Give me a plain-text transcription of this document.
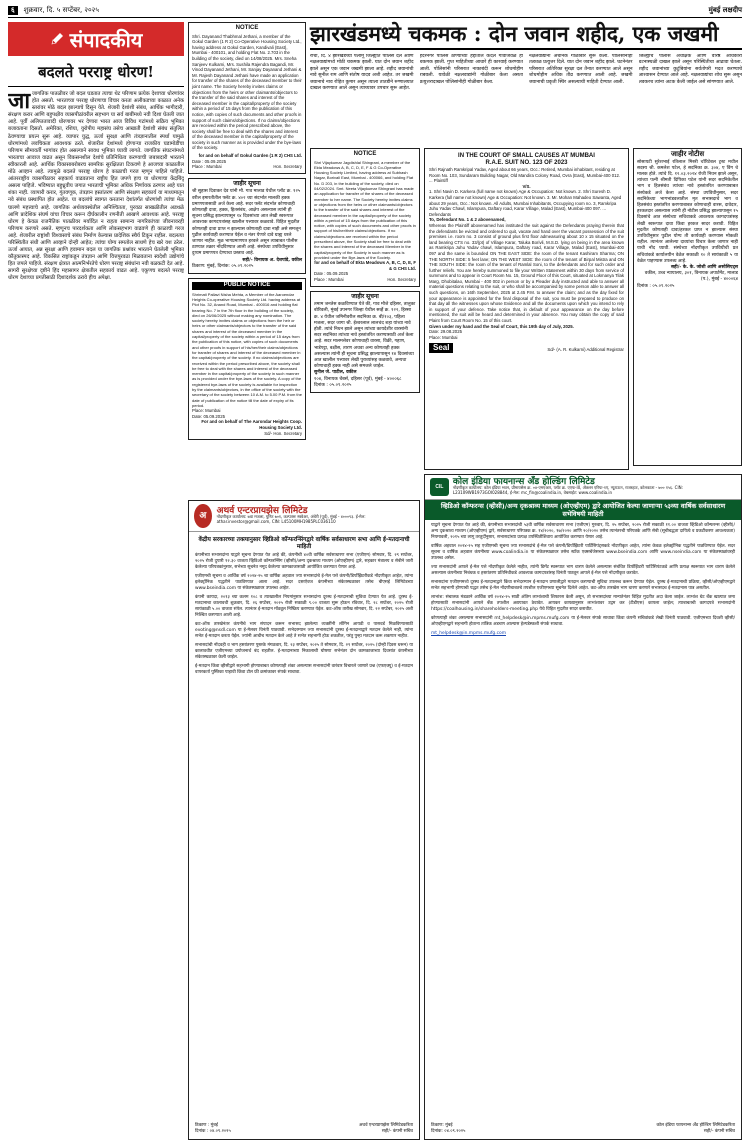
६	शुक्रवार, दि. ५ सप्टेंबर, २०२५	मुंबई लक्षदीप
संपादकीय
बदलते परराष्ट्र धोरण!
जाजागतिक पातळीवर जो बदल घडतात त्याचा थेट परिणाम प्रत्येक देशाच्या धोरणांवर होत असतो. भारताच्या परराष्ट्र धोरणाचा विचार करता अलीकडच्या काळात अनेक स्तरांवर मोठे बदल झाल्याचे दिसून येते. शेजारी देशांशी संबंध, आर्थिक भागीदारी, संरक्षण करार आणि बहुपक्षीय व्यासपीठांवरील सहभाग या सर्व बाबींमध्ये नवी दिशा घेतली जात आहे. पूर्वी अलिप्ततावादी धोरणावर भर देणारा भारत आज विविध गटांमध्ये सक्रिय भूमिका बजावताना दिसतो. अमेरिका, रशिया, युरोपीय महासंघ तसेच आखाती देशांशी संबंध संतुलित ठेवण्याचा प्रयत्न सुरू आहे. व्यापार युद्ध, ऊर्जा सुरक्षा आणि तंत्रज्ञानातील स्पर्धा यामुळे धोरणांमध्ये लवचिकता आवश्यक ठरते. शेजारील देशांमध्ये होणाऱ्या राजकीय घडामोडींचा परिणाम सीमावर्ती भागांवर होत असल्याने सावध भूमिका घ्यावी लागते. जागतिक संघटनांमध्ये भारताचा आवाज वाढत असून विकसनशील देशांचे प्रतिनिधित्व करण्याची जबाबदारी भारताने स्वीकारली आहे. आर्थिक विकासाबरोबरच सामरिक सुरक्षितता टिकवणे हे आजच्या काळातील मोठे आव्हान आहे. त्यामुळे बदलते परराष्ट्र धोरण हे काळाची गरज म्हणून पाहिले पाहिजे. आंतरराष्ट्रीय व्यासपीठावर सहकार्य वाढवताना राष्ट्रीय हित जपणे हाच या धोरणाचा केंद्रबिंदू असला पाहिजे. भविष्यात बहुध्रुवीय जगात भारताची भूमिका अधिक निर्णायक ठरणार आहे यात शंका नाही. व्यापारी करार, गुंतवणूक, तंत्रज्ञान हस्तांतरण आणि संरक्षण सहकार्य या माध्यमातून नवे संबंध प्रस्थापित होत आहेत. या बदलांचे स्वागत करताना देशांतर्गत धोरणांशी त्यांचा मेळ घालणे महत्त्वाचे आहे. जागतिक अर्थव्यवस्थेतील अनिश्चितता, पुरवठा साखळीतील अडथळे आणि प्रादेशिक संघर्ष यांचा विचार करून दीर्घकालीन रणनीती आखणे आवश्यक आहे. परराष्ट्र धोरण हे केवळ राजनैतिक पातळीवर मर्यादित न राहता सामान्य नागरिकांच्या जीवनावरही परिणाम करणारे असते. म्हणूनच पारदर्शकता आणि लोकसहभाग वाढवणे ही काळाची गरज आहे. शेजारील राष्ट्रांशी विश्वासाचे संबंध निर्माण केल्यास प्रादेशिक स्थैर्य टिकून राहील. बदलत्या परिस्थितीत संधी आणि आव्हाने दोन्ही आहेत; त्यांचा योग्य समतोल साधणे हेच खरे यश ठरेल. ऊर्जा आयात, अन्न सुरक्षा आणि हवामान बदल या जागतिक प्रश्नांवर भारताने घेतलेली भूमिका कौतुकास्पद आहे. विकसित राष्ट्रांकडून तंत्रज्ञान आणि वित्तपुरवठा मिळवताना स्वदेशी उद्योगांचे हित जपले पाहिजे. संरक्षण क्षेत्रात आत्मनिर्भरतेचे धोरण परराष्ट्र संबंधांना नवी बळकटी देत आहे. सागरी सुरक्षेच्या दृष्टीने हिंद महासागर क्षेत्रातील सहकार्य वाढत आहे. एकूणच बदलते परराष्ट्र धोरण देशाच्या प्रगतीसाठी दिशादर्शक ठरावे हीच अपेक्षा.
NOTICE

Shri. Dayanand Thabhmal Jethani, a member of the Gokul Garden (1 R 2) Co-Operative Housing Society Ltd., having address at Gokul Garden, Kandivali (East), Mumbai - 400101, and holding Flat No. 2.703 in the building of the society, died on 14/08/2025. Mrs. Sneha Sanjeev Kulkarni, Mrs. Sushila Rajendra Bagandi, Mr. Vinod Dayanand Jethani, Mr. Sanjay Dayanand Jethani & Mr. Rajesh Dayanand Jethani have made an application for transfer of the shares of the deceased member to their joint name. The Society hereby invites claims or objections from the heirs or other claimants/objectors to the transfer of the said shares and interest of the deceased member in the capital/property of the society within a period of 15 days from the publication of this notice, with copies of such documents and other proofs in support of such claims/objections. If no claims/objections are received within the period prescribed above, the society shall be free to deal with the shares and interest of the deceased member in the capital/property of the society in such manner as is provided under the bye-laws of the society.

for and on behalf of Gokul Garden (1 R 2) CHS Ltd.

Date : 05.09.2025

Place : Mumbai	Hon. Secretary

जाहीर सूचना

श्री सुहास दिवाकर देव यांनी मौ. गाव मालाड येथील प्लॉट क्र. १२५ वरील इमारतीतील फ्लॅट क्र. ४०२ च्या संदर्भात मालकी हक्क प्रमाणपत्रासाठी अर्ज केला आहे. सदर फ्लॅट संदर्भात कोणाचाही कोणताही दावा, हक्क, हितसंबंध, आक्षेप असल्यास त्यांनी ही सूचना प्रसिद्ध झाल्यापासून १४ दिवसांच्या आत लेखी स्वरूपात आवश्यक कागदपत्रांसह खालील पत्त्यावर कळवावे. विहित मुदतीत कोणताही दावा प्राप्त न झाल्यास कोणताही दावा नाही असे समजून पुढील कार्यवाही करण्यात येईल व नंतर येणारे दावे ग्राह्य धरले जाणार नाहीत. मूळ भागप्रमाणपत्र हरवले असून त्याबाबत पोलीस ठाण्यात तक्रार नोंदविण्यात आली आहे. संस्थेच्या उपविधीनुसार दुय्यम प्रमाणपत्र देण्याचा प्रस्ताव आहे.

सही/- विनायक अ. देशपांडे, वकील

ठिकाण: मुंबई, दिनांक: ०५.०९.२०२५

PUBLIC NOTICE

Shrimati Pallavi Nisha Mehta, a Member of the Aaroendar Heights Co-operative Housing Society Ltd. having address at Plot No. 32, Anand Road, Mumbai - 400016 and holding flat bearing No. 7 in the 7th floor in the building of the society, died on 26/06/2025 without making any nomination. The society hereby invites claims or objections from the heir or heirs or other claimants/objectors to the transfer of the said shares and interest of the deceased member in the capital/property of the society within a period of 15 days from the publication of this notice, with copies of such documents and other proofs in support of his/her/their claims/objections for transfer of shares and interest of the deceased member in the capital/property of the society. If no claims/objections are received within the period prescribed above, the society shall be free to deal with the shares and interest of the deceased member in the capital/property of the society in such manner as is provided under the bye-laws of the society. A copy of the registered bye-laws of the society is available for inspection by the claimants/objectors, in the office of the society with the secretary of the society between 10 A.M. to 5.00 P.M. from the date of publication of the notice till the date of expiry of its period.

Place: Mumbai

Date: 05.09.2025

For and on behalf of The Aarondar Heights Coop. Housing Society Ltd.

Sd/- Hon. Secretary

झारखंडमध्ये चकमक : दोन जवान शहीद, एक जखमी
रांची, दि. ४ झारखंडच्या पलामू जिल्ह्यात पोलिस दल आणि नक्षलवाद्यांमध्ये मोठी चकमक झाली. यात दोन जवान शहीद झाले असून एक जवान जखमी झाला आहे. शहीद जवानांची नावे सुनील राम आणि संतोष यादव अशी आहेत. तर जखमी जवानाचे नाव रोहित कुमार असून त्याला तातडीने रुग्णालयात दाखल करण्यात आले असून त्याच्यावर उपचार सुरू आहेत.
हैदरनगर पोलिस ठाण्याच्या हद्दीतील केदल गावाजवळ ही चकमक झाली. गुप्त माहितीच्या आधारे ही कारवाई करण्यात आली. पोलिसांनी परिसरात नाकाबंदी करून शोधमोहीम राबवली. यावेळी नक्षलवाद्यांनी गोळीबार केला असता प्रत्युत्तरादाखल पोलिसांनीही गोळीबार केला.
नक्षलवाद्यांनी अचानक गोळीबार सुरू केला. पोलिसांनीही तत्काळ प्रत्युत्तर दिले. यात दोन जवान शहीद झाले. घटनेनंतर परिसरात अतिरिक्त सुरक्षा दल तैनात करण्यात आले असून शोधमोहीम अधिक तीव्र करण्यात आली आहे. जखमी जवानाची प्रकृती स्थिर असल्याची माहिती देण्यात आली.
जिल्ह्याचे पोलीस अधीक्षक आणि वरिष्ठ अधिकारी घटनास्थळी दाखल झाले असून परिस्थितीचा आढावा घेतला. शहीद जवानांच्या कुटुंबियांना सर्वतोपरी मदत करण्याचे आश्वासन देण्यात आले आहे. नक्षलवाद्यांचा शोध सुरू असून लवकरच त्यांना अटक केली जाईल असे सांगण्यात आले.
NOTICE

Shri Vijaykumar Jagdishlal Shingrani, a member of the Ekta Meadows A, B, C, D, E, F & G Co-Operative Housing Society Limited, having address at Subhash Nagar, Borivali East, Mumbai - 400066, and holding Flat No. D 203, in the building of the society, died on 04/02/2024. Smt. Neeta Vijaykumar Shingrani has made an application for transfer of the shares of the deceased member to her name. The Society hereby invites claims or objections from the heirs or other claimants/objectors to the transfer of the said shares and interest of the deceased member in the capital/property of the society within a period of 15 days from the publication of this notice, with copies of such documents and other proofs in support of his/her/their claims/objections. If no claims/objections are received within the period prescribed above, the Society shall be free to deal with the shares and interest of the deceased Member in the capital/property of the Society in such manner as is provided under the Bye-laws of the Society.

for and on behalf of Ekta Meadows A, B, C, D, E, F & G CHS Ltd.

Date : 05.09.2025

Place : Mumbai	Hon. Secretary

जाहीर सूचना

तमाम जनतेस कळविण्यात येते की, गाव मौजे दहिसर, तालुका बोरिवली, मुंबई उपनगर जिल्हा येथील सर्व्हे क्र. १२२, हिस्सा क्र. ४ येथील जमिनीवरील सदनिका क्र. बी/१०३, पहिला मजला, सदर जागा श्री. ईश्वरलाल लालचंद शहा यांच्या नावे होती. त्यांचे निधन झाले असून त्यांच्या कायदेशीर वारसांनी सदर सदनिका त्यांच्या नावे हस्तांतरित करण्यासाठी अर्ज केला आहे. सदर मालमत्तेवर कोणाचाही वारसा, विक्री, गहाण, भाडेपट्टा, बक्षीस, तारण अथवा अन्य कोणताही हक्क असल्यास त्यांनी ही सूचना प्रसिद्ध झाल्यापासून १४ दिवसांच्या आत खालील पत्त्यावर लेखी पुराव्यांसह कळवावे, अन्यथा कोणाचाही हक्क नाही असे समजले जाईल.

सुनील जे. पाटील, वकील

१०४, विनायक चेंबर्स, दहिसर (पूर्व), मुंबई - ४०००६८

दिनांक : ०५.०९.२०२५

IN THE COURT OF SMALL CAUSES AT MUMBAI
R.A.E. SUIT NO. 123 OF 2023

Shri Rajnath Ramkripal Yadav, Aged about 66 years, Occ.: Retired, Mumbai inhabitant, residing at Room No. 103, Sundaram Building Nagar, Old Mandira Colony Road, Ovra (East), Mumbai-400 012. ... Plaintiff

V/S.

1. Shri Navin D. Karkera (full name not known) Age & Occupation: Not known. 2. Shri Suresh D. Karkera (full name not known) Age & Occupation: Not known. 3. Mr. Mohan Mahadeo Sawanta, Aged about 29 years, Occ.: Not known. All Adults, Mumbai Inhabitants, Occupying room no. 3, Ramkripa Juhu Yadav Chawl, Islampura, Daftary road, Karar Village, Malad (East), Mumbai-400 097. ... Defendants

To, Defendant No. 1 & 2 abovenamed,

Whereas the Plaintiff abovenamed has instituted the suit against the Defendants praying therein that the defendants be evicted and ordered to quit, vacate and hand over the vacant possession of the suit premises i.e. room no. 3 consist of ground plus first floor admeasuring about 10 x 15 situated on the land bearing CTS no. 33/(pt) of Village Karar, Taluka Borivli, M.S.D. lying on being in the area known as Ramkripa Juhu Yadav chawl, Islampura, Daftary road, Karar Village, Malad (East), Mumbai-400 097 and the same is bounded ON THE EAST SIDE: the room of the tenant Kashiram Sharma; ON THE NORTH SIDE: 5 feet lane; ON THE WEST SIDE: the room of the tenant of Birpal Mistra and ON THE SOUTH SIDE: the room of the tenant of Ramlal Soni, to the defendants and for such order and further reliefs. You are hereby summoned to file your Written Statement within 30 days from service of summons and to appear in Court Room No. 15, Ground Floor of this Court, situated at Lokmanya Tilak Marg, Dhobitalao, Mumbai - 400 002 in person or by a Pleader duly instructed and able to answer all material questions relating to the suit, or who shall be accompanied by some person able to answer all such questions, on 16th September, 2025 at 2.45 P.M. to answer the claim; and as the day fixed for your appearance is appointed for the final disposal of the suit, you must be prepared to produce on that day all the witnesses upon whose Evidence and all the documents upon which you intend to rely in support of your defence. Take notice that, in default of your appearance on the day before mentioned, the suit will be heard and determined in your absence. You may obtain the copy of said Plaint from Court Room No. 15 of this court.

Given under my hand and the Seal of Court, this 19th day of July, 2025.

Date: 29.08.2025

Place: Mumbai

Seal	Sd/- (A. R. Kulkarni) Additional Registrar

जाहीर नोटीस

सोसायटी सुरेशभाई रतिलाल मिस्त्री चॉरिटेबल ट्रस्ट मधील सदस्य श्री. कमलेश पटेल, हे सदनिका क्र. ३०४, ए विंग चे मालक होते. त्यांचे दि. १२.०३.२०२४ रोजी निधन झाले असून, त्यांच्या पत्नी श्रीमती दिपिका पटेल यांनी सदर सदनिकेतील भाग व हितसंबंध त्यांच्या नावे हस्तांतरित करण्याबाबत संस्थेकडे अर्ज केला आहे. संस्था उपविधीनुसार, सदर सदनिकेच्या भागभांडवलातील मृत सभासदाचे भाग व हितसंबंध हस्तांतरित करण्याबाबत कोणाचाही वारस, दावेदार, हरकतदार असल्यास त्यांनी ही नोटीस प्रसिद्ध झाल्यापासून १५ दिवसांचे आत संस्थेच्या सचिवाकडे आवश्यक कागदपत्रांसह लेखी स्वरूपात दावा किंवा हरकत सादर करावी. विहित मुदतीत कोणताही दावा/हरकत प्राप्त न झाल्यास संस्था उपविधीनुसार पुढील योग्य ती कार्यवाही करण्यास मोकळी राहील. त्यानंतर आलेल्या दाव्यांचा विचार केला जाणार नाही याची नोंद घ्यावी. संस्थेच्या नोंदणीकृत उपविधीची प्रत सचिवांकडे कार्यालयीन वेळेत सकाळी १० ते सायंकाळी ५ या वेळेत पाहण्यास उपलब्ध आहे.

सही/- के. के. जोशी आणि असोसिएट्स

वकील, उच्च न्यायालय, ३०१, विनायक अपार्टमेंट, मालाड (प.), मुंबई - ४०००६४

दिनांक : ०५.०९.२०२५

अ	अथर्व एन्टरप्रायझेस लिमिटेड
नोंदणीकृत कार्यालय: ७वा मजला, युनिट ७०१, कल्पतरू स्क्वेअर, अंधेरी (पूर्व), मुंबई - ४०००९३. ई-मेल: athar.investor@gmail.com, CIN: L45100MH1985PLC036110
केंद्रीय सरकारच्या तक्त्यानुसार व्हिडिओ कॉन्फरन्सिंगद्वारे वार्षिक सर्वसाधारण सभा आणि ई-मतदानाची माहिती

कंपनीच्या सभासदांना याद्वारे सूचना देण्यात येत आहे की, कंपनीची ४०वी वार्षिक सर्वसाधारण सभा (एजीएम) सोमवार, दि. २९ सप्टेंबर, २०२५ रोजी दुपारी १२.३० वाजता व्हिडिओ कॉन्फरन्सिंग (व्हीसी)/अन्य दृकश्राव्य माध्यम (ओएव्हीएम) द्वारे, सहकार मंत्रालय व सेबीने जारी केलेल्या परिपत्रकांनुसार, सभेच्या सूचनेत नमूद केलेल्या कामकाजासाठी आयोजित करण्यात येणार आहे.

एजीएमची सूचना व आर्थिक वर्ष २०२४-२५ चा वार्षिक अहवाल ज्या सभासदांचे ई-मेल पत्ते कंपनी/डिपॉझिटरीकडे नोंदणीकृत आहेत, त्यांना इलेक्ट्रॉनिक पद्धतीने पाठविण्यात आला आहे. सदर दस्तऐवज कंपनीच्या संकेतस्थळावर तसेच बीएसई लिमिटेडच्या www.bseindia.com या संकेतस्थळावर उपलब्ध आहेत.

कंपनी कायदा, २०१३ च्या कलम १०८ व त्याखालील नियमांनुसार सभासदांना दूरस्थ ई-मतदानाची सुविधा देण्यात येत आहे. दूरस्थ ई-मतदानाचा कालावधी शुक्रवार, दि. २६ सप्टेंबर, २०२५ रोजी सकाळी ९.०० वाजता सुरू होऊन रविवार, दि. २८ सप्टेंबर, २०२५ रोजी सायंकाळी ५.०० वाजता संपेल. त्यानंतर ई-मतदान मॉड्यूल निष्क्रिय करण्यात येईल. कट-ऑफ तारीख सोमवार, दि. २२ सप्टेंबर, २०२५ अशी निश्चित करण्यात आली आहे.

कट-ऑफ तारखेनंतर कंपनीचे भाग संपादन करून सभासद झालेल्या व्यक्तींनी लॉगिन आयडी व पासवर्ड मिळविण्यासाठी evoting@nsdl.com या ई-मेलवर विनंती पाठवावी. सभेदरम्यान ज्या सभासदांनी दूरस्थ ई-मतदानाद्वारे मतदान केलेले नाही, त्यांना सभेत ई-मतदान करता येईल. ज्यांनी आधीच मतदान केले आहे ते सभेत सहभागी होऊ शकतील, परंतु पुन्हा मतदान करू शकणार नाहीत.

सभासदांची नोंदवही व भाग हस्तांतरण पुस्तके मंगळवार, दि. २३ सप्टेंबर, २०२५ ते सोमवार, दि. २९ सप्टेंबर, २०२५ (दोन्ही दिवस धरून) या कालावधीत एजीएमच्या प्रयोजनार्थ बंद राहतील. ई-मतदानाच्या निकालाची घोषणा सभेनंतर दोन कामकाजाच्या दिवसांत कंपनीच्या संकेतस्थळावर केली जाईल.

ई-मतदान किंवा व्हीसीद्वारे सहभागी होण्याबाबत कोणत्याही शंका असल्यास सभासदांनी वारंवार विचारले जाणारे प्रश्न (एफएक्यू) व ई-मतदान वापरकर्ता पुस्तिका पाहावी किंवा टोल फ्री क्रमांकावर संपर्क साधावा.

ठिकाण : मुंबई

दिनांक : ०४.०९.२०२५

अथर्व एन्टरप्रायझेस लिमिटेडकरिता

सही/- कंपनी सचिव

CIL	कोल इंडिया फायनान्स अँड होल्डिंग लिमिटेड
नोंदणीकृत कार्यालय: कोल इंडिया भवन, प्रीमायसेस क्र. ०४-एमएआर, प्लॉट क्र. एएफ-III, ॲक्शन एरिया-१ए, न्यूटाऊन, राजरहाट, कोलकाता - ७०० १५६. CIN: L23109WB1973GOI028844, ई-मेल: mc_fin@coalindia.in, वेबसाईट: www.coalindia.in
व्हिडिओ कॉन्फरन्स (व्हीसी)/अन्य दृकश्राव्य माध्यम (ओएव्हीएम) द्वारे आयोजित केल्या जाणाऱ्या ५३व्या वार्षिक सर्वसाधारण सभेविषयी माहिती

याद्वारे सूचना देण्यात येत आहे की, कंपनीच्या सभासदांची ५३वी वार्षिक सर्वसाधारण सभा (एजीएम) गुरुवार, दि. २५ सप्टेंबर, २०२५ रोजी सकाळी ११.०० वाजता व्हिडिओ कॉन्फरन्स (व्हीसी)/अन्य दृकश्राव्य माध्यम (ओएव्हीएम) द्वारे, सर्वसाधारण परिपत्रक क्र. १४/२०२०, १७/२०२० आणि २०/२०२० तसेच त्यानंतरची परिपत्रके आणि सेबी (सूचीबद्धता दायित्वे व प्रकटीकरण आवश्यकता) नियमावली, २०१५ च्या लागू तरतुदींनुसार, सभासदांच्या प्रत्यक्ष उपस्थितीशिवाय आयोजित करण्यात येणार आहे.

वार्षिक अहवाल २०२४-२५ सह एजीएमची सूचना ज्या सभासदांचे ई-मेल पत्ते कंपनी/डिपॉझिटरी पार्टिसिपंट्सकडे नोंदणीकृत आहेत, त्यांना केवळ इलेक्ट्रॉनिक पद्धतीने पाठविण्यात येईल. सदर सूचना व वार्षिक अहवाल कंपनीच्या www.coalindia.in या संकेतस्थळावर तसेच स्टॉक एक्सचेंजेसच्या www.bseindia.com आणि www.nseindia.com या संकेतस्थळांवरही उपलब्ध असेल.

ज्या सभासदांनी आपले ई-मेल पत्ते नोंदणीकृत केलेले नाहीत, त्यांनी डिमॅट स्वरूपात भाग धारण केलेले असल्यास संबंधित डिपॉझिटरी पार्टिसिपंटकडे आणि प्रत्यक्ष स्वरूपात भाग धारण केलेले असल्यास कंपनीच्या निबंधक व हस्तांतरण प्रतिनिधीकडे आवश्यक कागदपत्रांसह विनंती पाठवून आपले ई-मेल पत्ते नोंदणीकृत करावेत.

सभासदांना एजीएममध्ये दूरस्थ ई-मतदानाद्वारे किंवा सभेदरम्यान ई-मतदान प्रणालीद्वारे मतदान करण्याची सुविधा उपलब्ध करून देण्यात येईल. दूरस्थ ई-मतदानाची प्रक्रिया, व्हीसी/ओएव्हीएमद्वारे सभेत सहभागी होण्याची पद्धत तसेच ई-मेल नोंदणीबाबतचे तपशील एजीएमच्या सूचनेत दिलेले आहेत. कट-ऑफ तारखेस भाग धारण करणारे सभासदच ई-मतदानास पात्र असतील.

लाभांश: संचालक मंडळाने आर्थिक वर्ष २०२४-२५ साठी अंतिम लाभांशाची शिफारस केली असून, तो सभासदांच्या मान्यतेनंतर विहित मुदतीत अदा केला जाईल. लाभांश थेट बँक खात्यात जमा होण्यासाठी सभासदांनी आपले बँक तपशील अद्ययावत ठेवावेत. आयकर कायद्यानुसार लाभांशावर उद्गम कर (टीडीएस) कापला जाईल; त्याबाबतची कागदपत्रे सभासदांनी https://coalhousing.in/shareholders-meeting.php येथे विहित मुदतीत सादर करावीत.

कोणत्याही शंका असल्यास सभासदांनी mt_helpdesk@in.mpms.mufg.com या ई-मेलवर संपर्क साधावा किंवा कंपनी सचिवांकडे लेखी विनंती पाठवावी. एजीएमच्या दिवशी व्हीसी/ओएव्हीएमद्वारे सहभागी होताना तांत्रिक अडचण आल्यास हेल्पडेस्कशी संपर्क साधावा.

mt_helpdesk@in.mpms.mufg.com

ठिकाण: मुंबई

दिनांक: ०४.०९.२०२५

कोल इंडिया फायनान्स अँड होल्डिंग लिमिटेडकरिता

सही/- कंपनी सचिव
